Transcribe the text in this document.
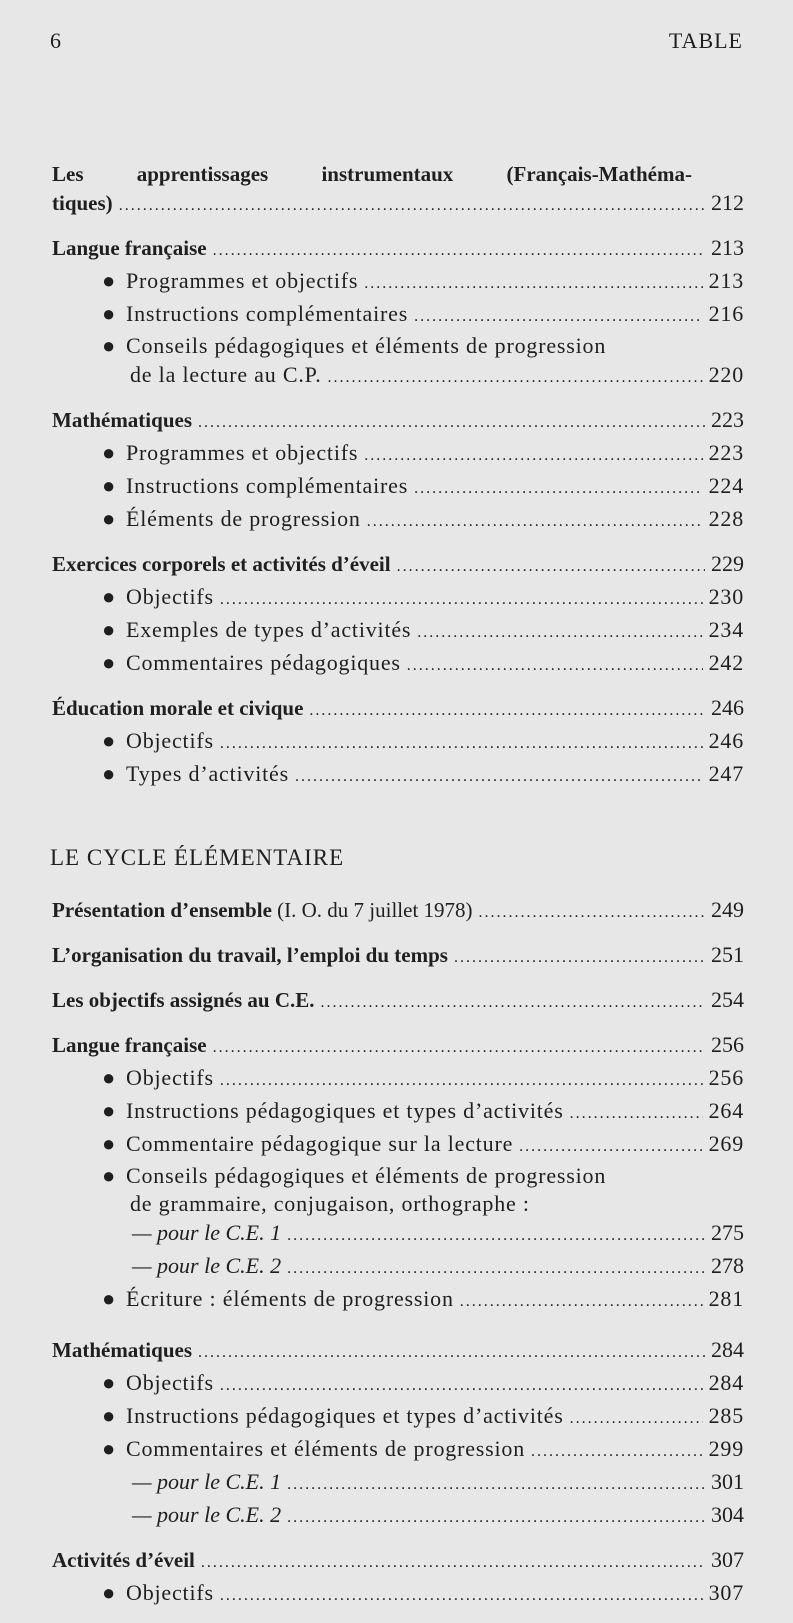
6	TABLE
Les apprentissages instrumentaux (Français-Mathéma-
tiques) .....	212
Langue française .....	213
● Programmes et objectifs .....	213
● Instructions complémentaires .....	216
● Conseils pédagogiques et éléments de progression
de la lecture au C.P. .....	220
Mathématiques .....	223
● Programmes et objectifs .....	223
● Instructions complémentaires .....	224
● Éléments de progression .....	228
Exercices corporels et activités d’éveil .....	229
● Objectifs .....	230
● Exemples de types d’activités .....	234
● Commentaires pédagogiques .....	242
Éducation morale et civique .....	246
● Objectifs .....	246
● Types d’activités .....	247
LE CYCLE ÉLÉMENTAIRE
Présentation d’ensemble (I. O. du 7 juillet 1978) .....	249
L’organisation du travail, l’emploi du temps .....	251
Les objectifs assignés au C.E. .....	254
Langue française .....	256
● Objectifs .....	256
● Instructions pédagogiques et types d’activités .....	264
● Commentaire pédagogique sur la lecture .....	269
● Conseils pédagogiques et éléments de progression
de grammaire, conjugaison, orthographe :
— pour le C.E. 1 .....	275
— pour le C.E. 2 .....	278
● Écriture : éléments de progression .....	281
Mathématiques .....	284
● Objectifs .....	284
● Instructions pédagogiques et types d’activités .....	285
● Commentaires et éléments de progression .....	299
— pour le C.E. 1 .....	301
— pour le C.E. 2 .....	304
Activités d’éveil .....	307
● Objectifs .....	307
